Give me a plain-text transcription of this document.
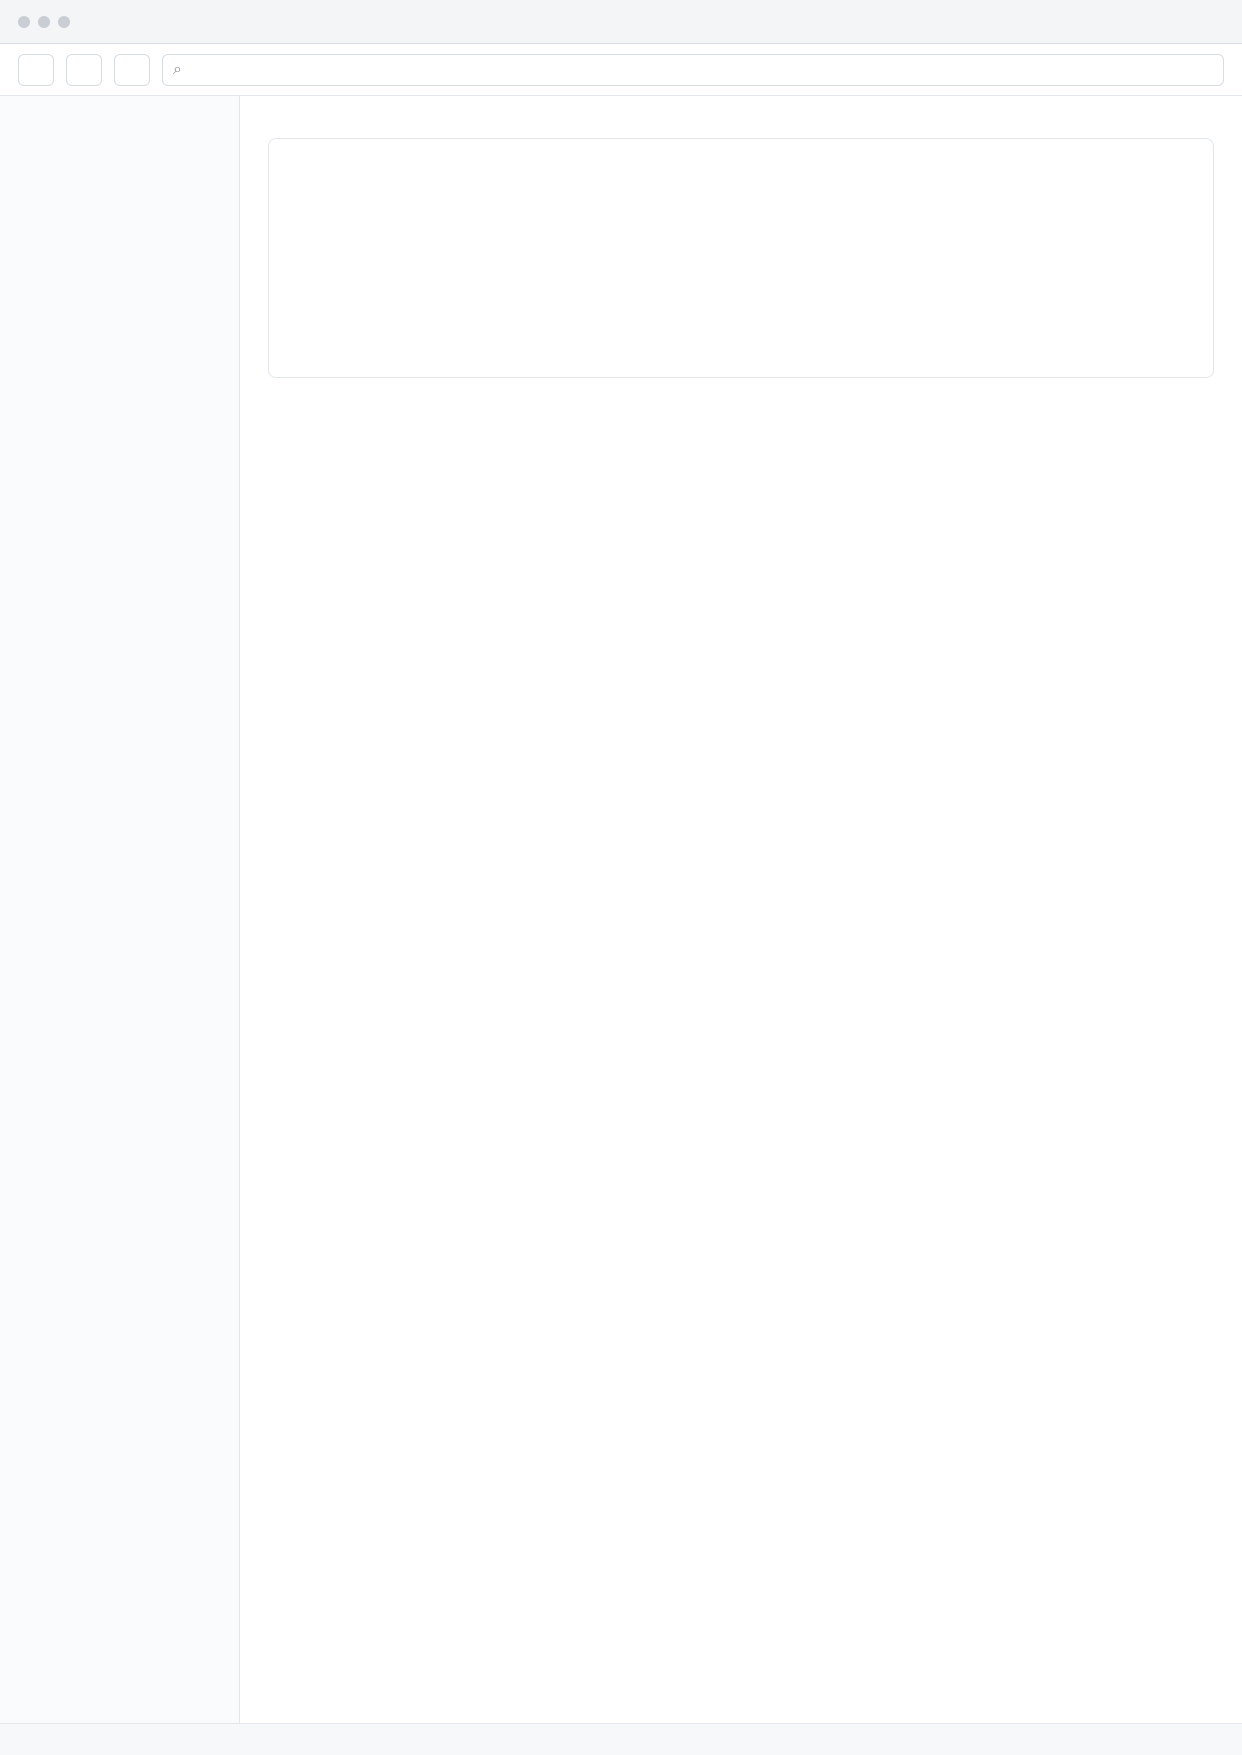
⌕
